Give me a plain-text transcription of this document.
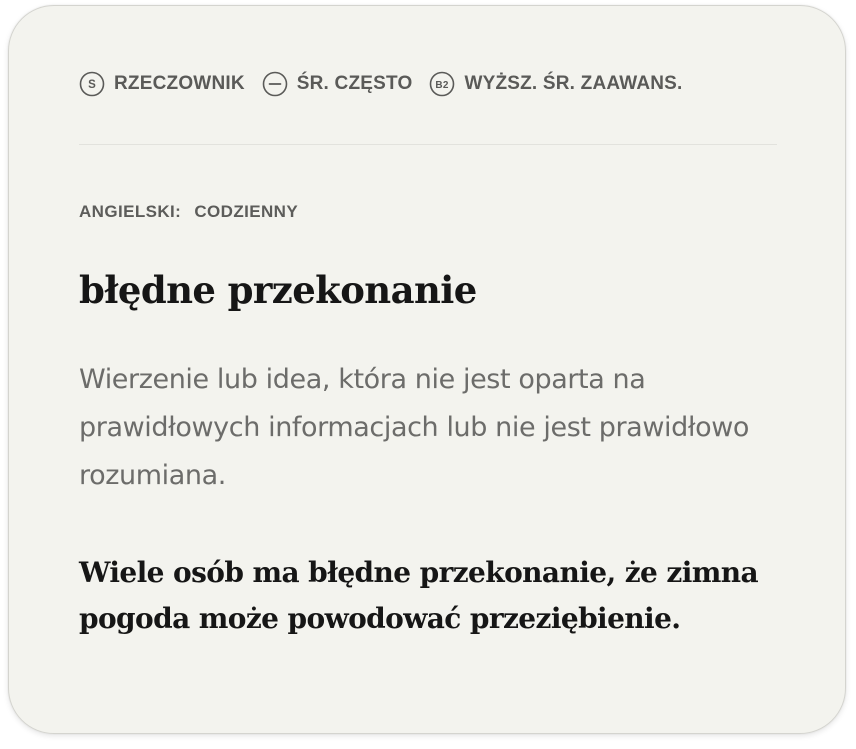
S RZECZOWNIK	ŚR. CZĘSTO B2 WYŻSZ. ŚR. ZAAWANS.
ANGIELSKI: CODZIENNY
błędne przekonanie
Wierzenie lub idea, która nie jest oparta na prawidłowych informacjach lub nie jest prawidłowo rozumiana.
Wiele osób ma błędne przekonanie, że zimna pogoda może powodować przeziębienie.
